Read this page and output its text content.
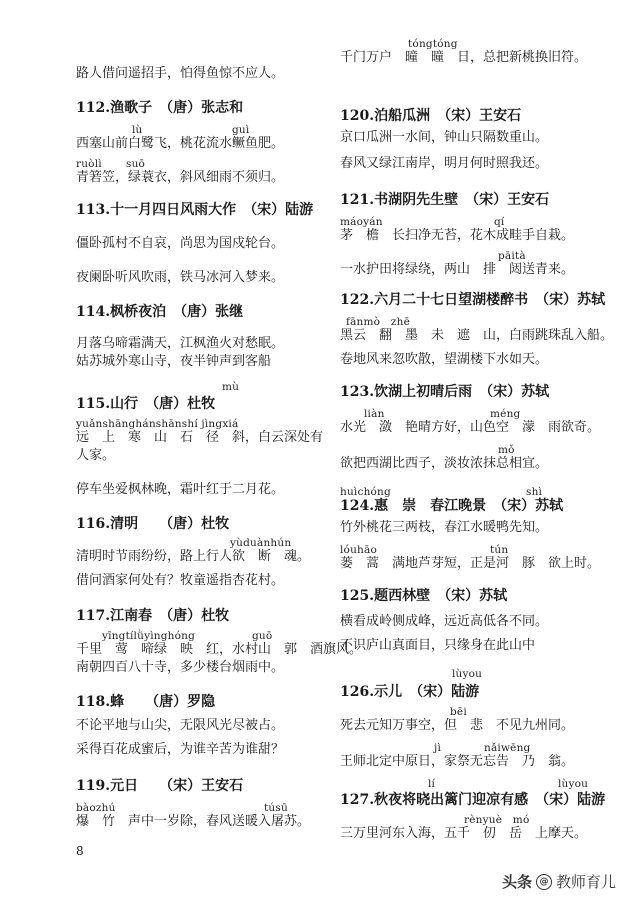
路人借问遥招手，怕得鱼惊不应人。
112.渔歌子　（唐）张志和
lù	guì
西塞山前白鹭飞，桃花流水鳜鱼肥。
ruòlì suō
青箬笠，绿蓑衣，斜风细雨不须归。
113.十一月四日风雨大作　（宋）陆游
僵卧孤村不自哀，尚思为国戍轮台。
夜阑卧听风吹雨，铁马冰河入梦来。
114.枫桥夜泊　（唐）张继
月落乌啼霜满天，江枫渔火对愁眠。
姑苏城外寒山寺，夜半钟声到客船
mù
115.山行　（唐）杜牧
yuǎnshānghánshānshí jìngxiá
远　上　寒　山　石　径　斜，白云深处有
人家。
停车坐爱枫林晚，霜叶红于二月花。
116.清明　　（唐）杜牧
yùduànhún
清明时节雨纷纷，路上行人欲　断　魂。
借问酒家何处有？牧童遥指杏花村。
117.江南春　（唐）杜牧
yīngtílǜyìnghóng	guō
千里　莺　啼绿　映　红，水村山　郭　酒旗风。
南朝四百八十寺，多少楼台烟雨中。
118.蜂　　（唐）罗隐
不论平地与山尖，无限风光尽被占。
采得百花成蜜后，为谁辛苦为谁甜？
119.元日　　（宋）王安石
bàozhú	túsū
爆　竹　声中一岁除，春风送暖入屠苏。
tóngtóng
千门万户　曈　曈　日，总把新桃换旧符。
120.泊船瓜洲　（宋）王安石
京口瓜洲一水间，钟山只隔数重山。
春风又绿江南岸，明月何时照我还。
121.书湖阴先生壁　（宋）王安石
máoyán	qí
茅　檐　长扫净无苔，花木成畦手自栽。
pāità
一水护田将绿绕，两山　排　闼送青来。
122.六月二十七日望湖楼醉书　（宋）苏轼
fānmò　zhē
黑云　翻　墨　未　遮　山，白雨跳珠乱入船。
卷地风来忽吹散，望湖楼下水如天。
123.饮湖上初晴后雨　（宋）苏轼
liàn	méng
水光　潋　艳晴方好，山色空　濛　雨欲奇。
mǒ
欲把西湖比西子，淡妆浓抹总相宜。
huìchóng	shì
124.惠　崇　春江晚景　（宋）苏轼
竹外桃花三两枝，春江水暖鸭先知。
lóuhāo	tún
蒌　蒿　满地芦芽短，正是河　豚　欲上时。
125.题西林壁　（宋）苏轼
横看成岭侧成峰，远近高低各不同。
不识庐山真面目，只缘身在此山中
lùyou
126.示儿　（宋）陆游
bēi
死去元知万事空，但　悲　不见九州同。
jì	nǎiwēng
王师北定中原日，家祭无忘告　乃　翁。
lí	lùyou
127.秋夜将晓出篱门迎凉有感　（宋）陆游
rènyuè　mó
三万里河东入海，五千　仞　岳　上摩天。
8
头条 @ 教师育儿
